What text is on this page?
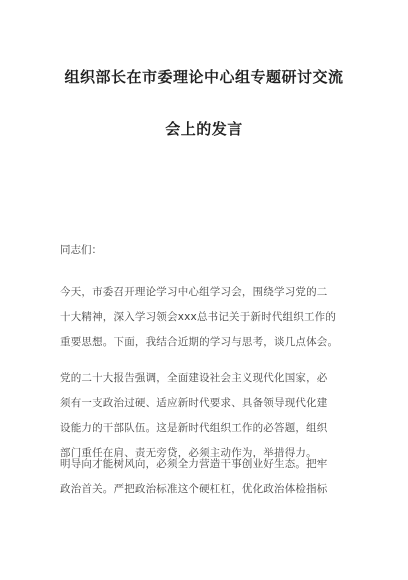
组织部长在市委理论中心组专题研讨交流
会上的发言
同志们：
今天，市委召开理论学习中心组学习会，围绕学习党的二
十大精神，深入学习领会xxx总书记关于新时代组织工作的
重要思想。下面，我结合近期的学习与思考，谈几点体会。
党的二十大报告强调，全面建设社会主义现代化国家，必
须有一支政治过硬、适应新时代要求、具备领导现代化建
设能力的干部队伍。这是新时代组织工作的必答题，组织
部门重任在肩、责无旁贷，必须主动作为，举措得力。
明导向才能树风向，必须全力营造干事创业好生态。把牢
政治首关。严把政治标准这个硬杠杠，优化政治体检指标
